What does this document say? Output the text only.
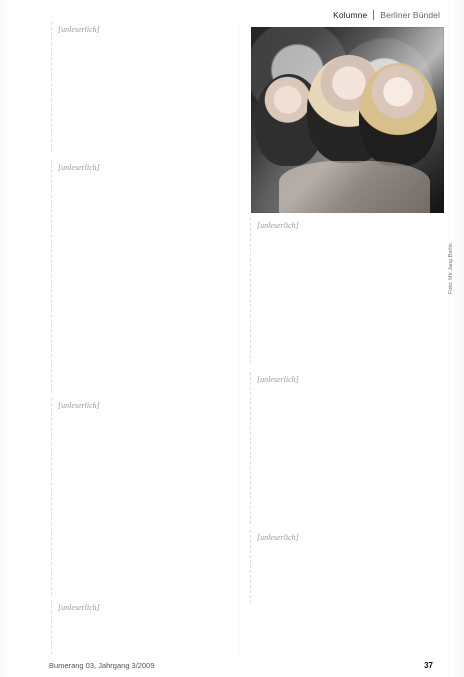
Kolumne Berliner Bündel
[unleserlich]
[unleserlich]
[unleserlich]
[unleserlich]
Foto: Mir Jang Berlin
[unleserlich]
[unleserlich]
[unleserlich]
Bumerang 03, Jahrgang 3/2009	37
